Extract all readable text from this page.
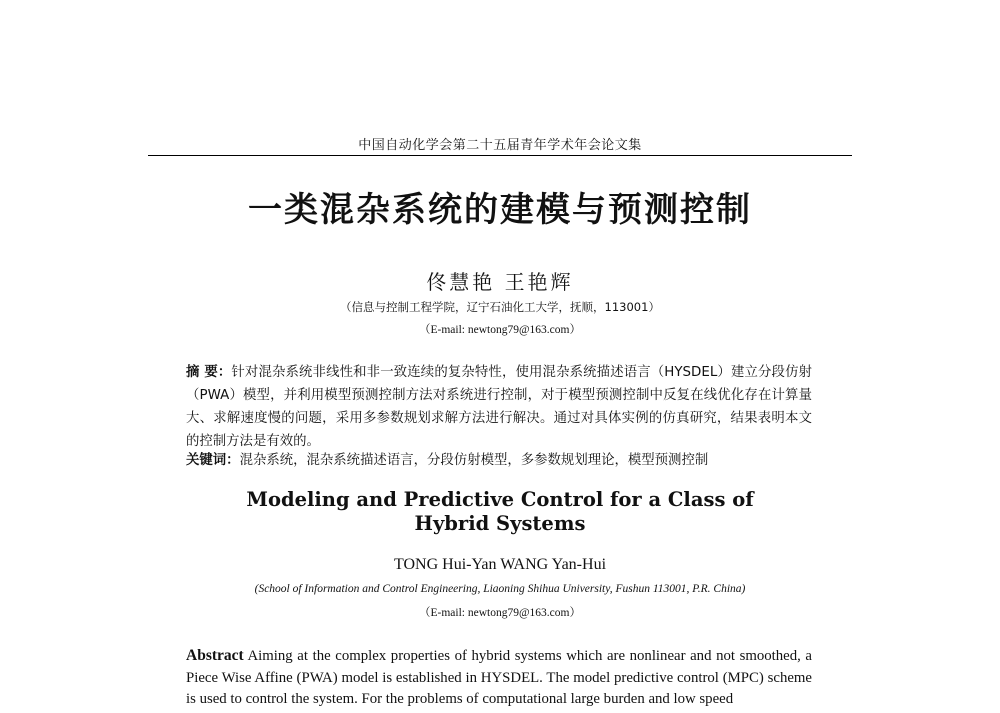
中国自动化学会第二十五届青年学术年会论文集
一类混杂系统的建模与预测控制
佟慧艳 王艳辉
（信息与控制工程学院，辽宁石油化工大学，抚顺，113001）
（E-mail: newtong79@163.com）
摘 要：针对混杂系统非线性和非一致连续的复杂特性，使用混杂系统描述语言（HYSDEL）建立分段仿射（PWA）模型，并利用模型预测控制方法对系统进行控制，对于模型预测控制中反复在线优化存在计算量大、求解速度慢的问题，采用多参数规划求解方法进行解决。通过对具体实例的仿真研究，结果表明本文的控制方法是有效的。
关键词：混杂系统，混杂系统描述语言，分段仿射模型，多参数规划理论，模型预测控制
Modeling and Predictive Control for a Class of
Hybrid Systems
TONG Hui-Yan WANG Yan-Hui
(School of Information and Control Engineering, Liaoning Shihua University, Fushun 113001, P.R. China)
（E-mail: newtong79@163.com）
Abstract Aiming at the complex properties of hybrid systems which are nonlinear and not smoothed, a Piece Wise Affine (PWA) model is established in HYSDEL. The model predictive control (MPC) scheme is used to control the system. For the problems of computational large burden and low speed
